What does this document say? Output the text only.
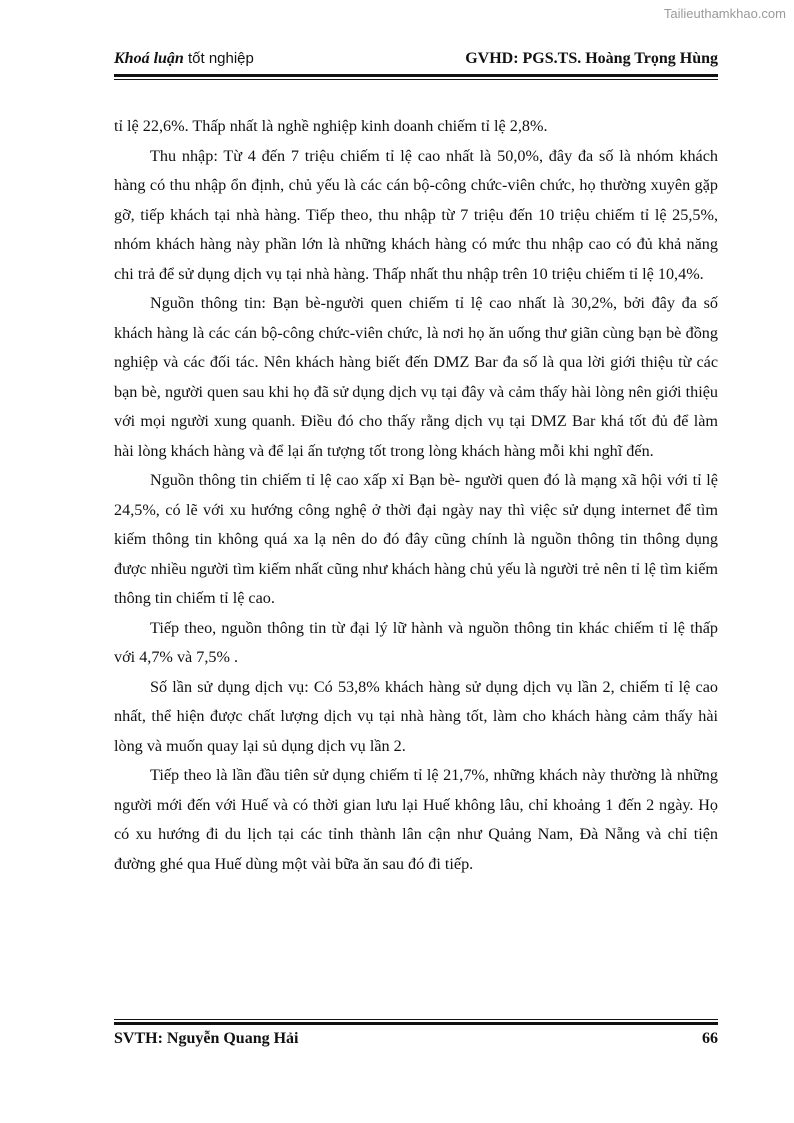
Tailieuthamkhao.com
Khoá luận tốt nghiệp	GVHD: PGS.TS. Hoàng Trọng Hùng

tỉ lệ 22,6%. Thấp nhất là nghề nghiệp kinh doanh chiếm tỉ lệ 2,8%.

Thu nhập: Từ 4 đến 7 triệu chiếm tỉ lệ cao nhất là 50,0%, đây đa số là nhóm khách hàng có thu nhập ổn định, chủ yếu là các cán bộ-công chức-viên chức, họ thường xuyên gặp gỡ, tiếp khách tại nhà hàng. Tiếp theo, thu nhập từ 7 triệu đến 10 triệu chiếm tỉ lệ 25,5%, nhóm khách hàng này phần lớn là những khách hàng có mức thu nhập cao có đủ khả năng chi trả để sử dụng dịch vụ tại nhà hàng. Thấp nhất thu nhập trên 10 triệu chiếm tỉ lệ 10,4%.

Nguồn thông tin: Bạn bè-người quen chiếm tỉ lệ cao nhất là 30,2%, bởi đây đa số khách hàng là các cán bộ-công chức-viên chức, là nơi họ ăn uống thư giãn cùng bạn bè đồng nghiệp và các đối tác. Nên khách hàng biết đến DMZ Bar đa số là qua lời giới thiệu từ các bạn bè, người quen sau khi họ đã sử dụng dịch vụ tại đây và cảm thấy hài lòng nên giới thiệu với mọi người xung quanh. Điều đó cho thấy rằng dịch vụ tại DMZ Bar khá tốt đủ để làm hài lòng khách hàng và để lại ấn tượng tốt trong lòng khách hàng mỗi khi nghĩ đến.

Nguồn thông tin chiếm tỉ lệ cao xấp xỉ Bạn bè- người quen đó là mạng xã hội với tỉ lệ 24,5%, có lẽ với xu hướng công nghệ ở thời đại ngày nay thì việc sử dụng internet để tìm kiếm thông tin không quá xa lạ nên do đó đây cũng chính là nguồn thông tin thông dụng được nhiều người tìm kiếm nhất cũng như khách hàng chủ yếu là người trẻ nên tỉ lệ tìm kiếm thông tin chiếm tỉ lệ cao.

Tiếp theo, nguồn thông tin từ đại lý lữ hành và nguồn thông tin khác chiếm tỉ lệ thấp với 4,7% và 7,5% .

Số lần sử dụng dịch vụ: Có 53,8% khách hàng sử dụng dịch vụ lần 2, chiếm tỉ lệ cao nhất, thể hiện được chất lượng dịch vụ tại nhà hàng tốt, làm cho khách hàng cảm thấy hài lòng và muốn quay lại sủ dụng dịch vụ lần 2.

Tiếp theo là lần đầu tiên sử dụng chiếm tỉ lệ 21,7%, những khách này thường là những người mới đến với Huế và có thời gian lưu lại Huế không lâu, chỉ khoảng 1 đến 2 ngày. Họ có xu hướng đi du lịch tại các tỉnh thành lân cận như Quảng Nam, Đà Nẵng và chỉ tiện đường ghé qua Huế dùng một vài bữa ăn sau đó đi tiếp.

SVTH: Nguyễn Quang Hải	66
